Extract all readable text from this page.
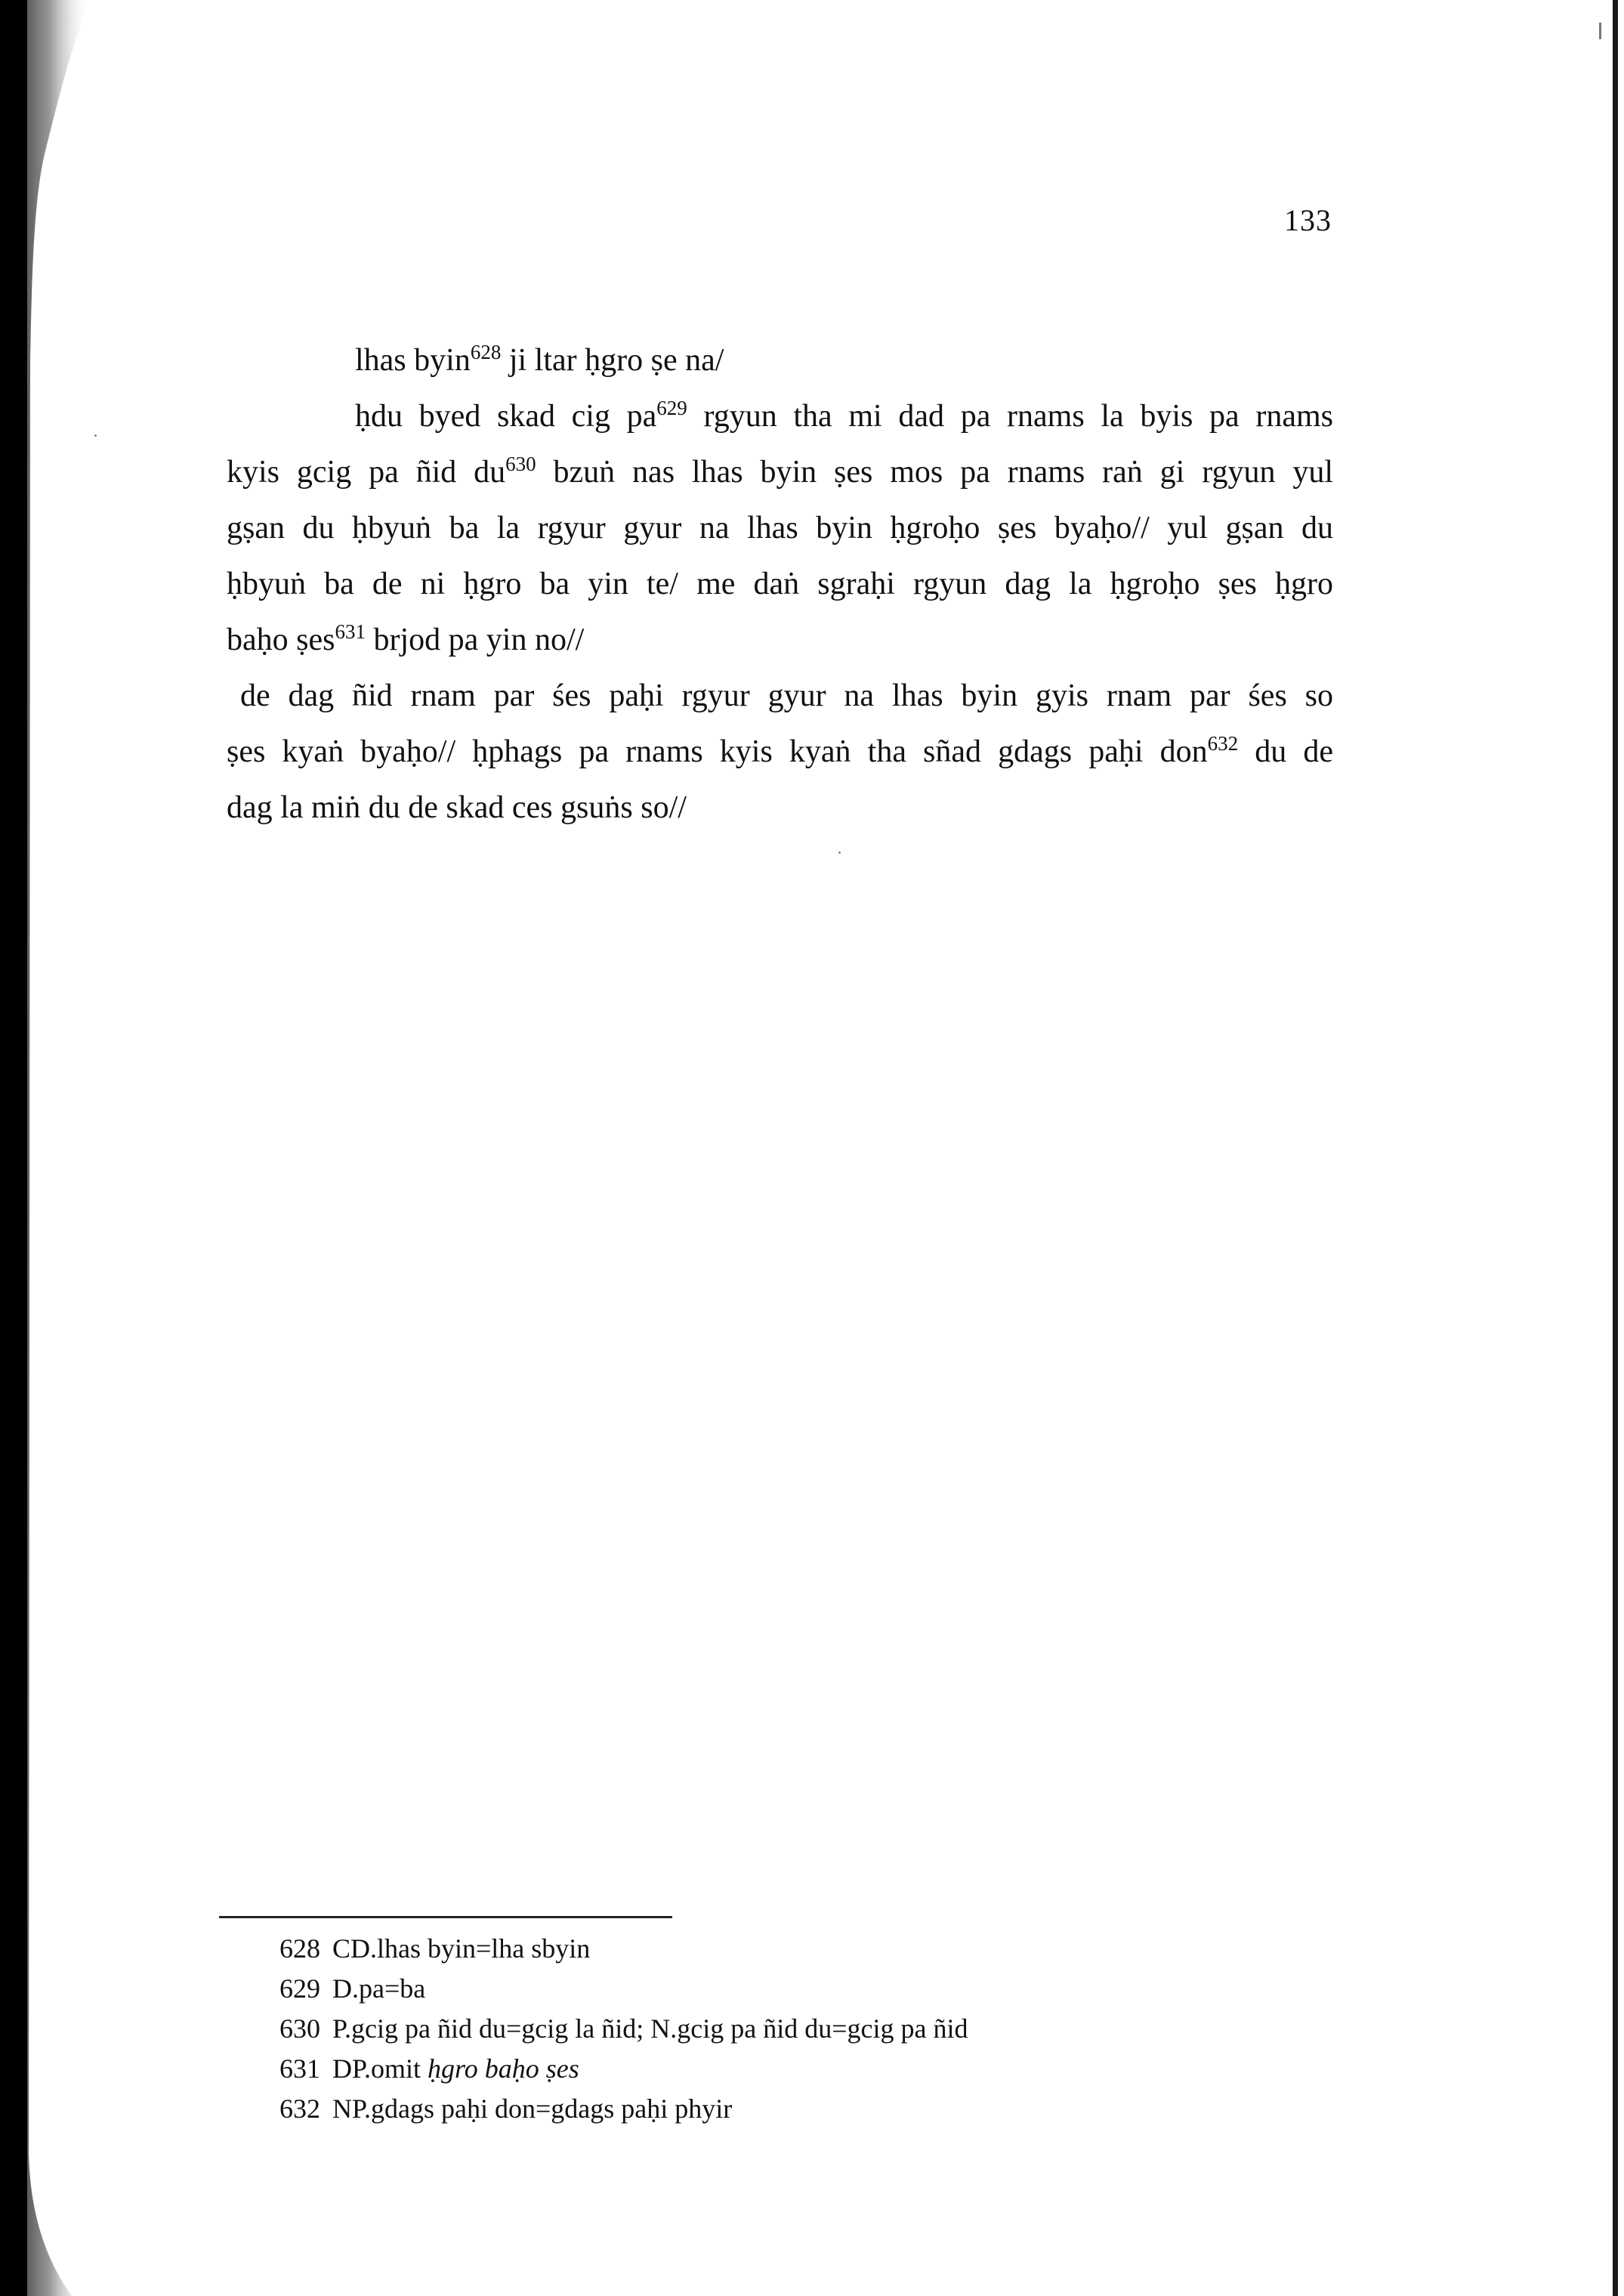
133
lhas byin$^{628}$ ji ltar ḥgro ṣe na/
ḥdu byed skad cig $pa^{629}$ rgyun tha mi dad pa rnams la byis pa rnams
kyis gcig pa ñid $du^{630}$ bzuṅ nas lhas byin ṣes mos pa rnams raṅ gi rgyun yul
gṣan du ḥbyuṅ ba la rgyur gyur na lhas byin ḥgroḥo ṣes byaḥo// yul gṣan du
ḥbyuṅ ba de ni ḥgro ba yin te/ me daṅ sgraḥi rgyun dag la ḥgroḥo ṣes ḥgro
baḥo ṣes$^{631}$ brjod pa yin no//
de dag ñid rnam par śes paḥi rgyur gyur na lhas byin gyis rnam par śes so
ṣes kyaṅ byaḥo// ḥphags pa rnams kyis kyaṅ tha sñad gdags paḥi don$^{632}$ du de
dag la miṅ du de skad ces gsuṅs so//
628 CD.lhas byin=lha sbyin
629 D.pa=ba
630 P.gcig pa ñid du=gcig la ñid; N.gcig pa ñid du=gcig pa ñid
631 DP.omit ḥgro baḥo ṣes
632 NP.gdags paḥi don=gdags paḥi phyir
